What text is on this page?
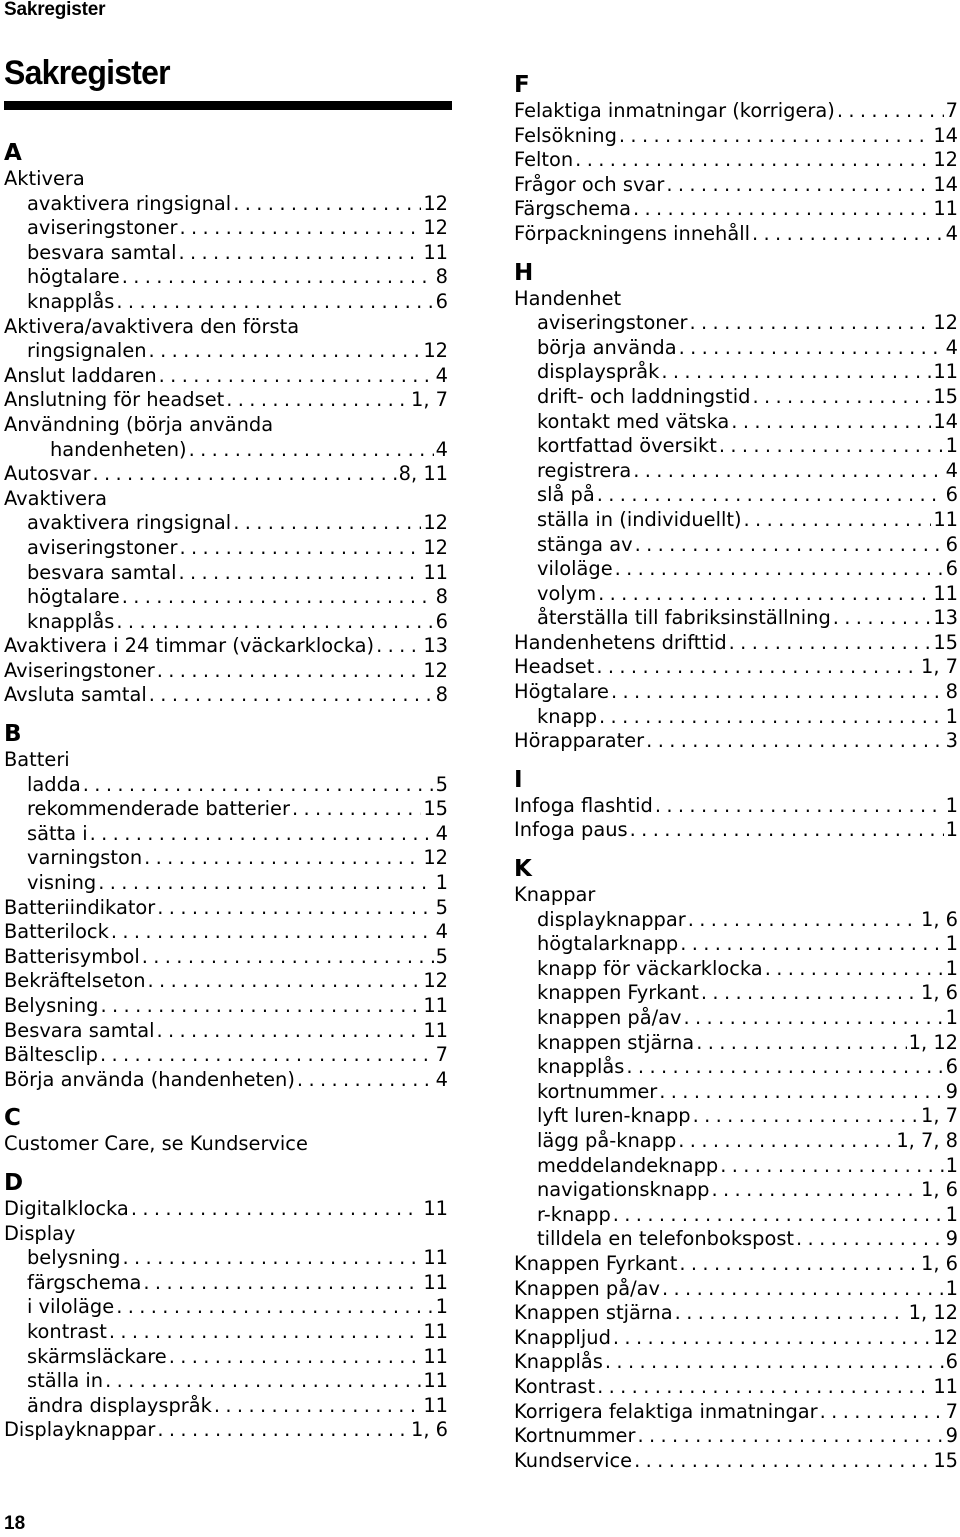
Sakregister
Sakregister
A
Aktivera
avaktivera ringsignal . . .	12
aviseringstoner . . .	12
besvara samtal . . .	11
högtalare . . .	8
knapplås . . .	6
Aktivera/avaktivera den första
ringsignalen . . .	12
Anslut laddaren . . .	4
Anslutning för headset . . .	1, 7
Användning (börja använda
handenheten) . . .	4
Autosvar . . .	8, 11
Avaktivera
avaktivera ringsignal . . .	12
aviseringstoner . . .	12
besvara samtal . . .	11
högtalare . . .	8
knapplås . . .	6
Avaktivera i 24 timmar (väckarklocka) . . .	13
Aviseringstoner . . .	12
Avsluta samtal . . .	8
B
Batteri
ladda . . .	5
rekommenderade batterier . . .	15
sätta i . . .	4
varningston . . .	12
visning . . .	1
Batteriindikator . . .	5
Batterilock . . .	4
Batterisymbol . . .	5
Bekräftelseton . . .	12
Belysning . . .	11
Besvara samtal . . .	11
Bältesclip . . .	7
Börja använda (handenheten) . . .	4
C
Customer Care, se Kundservice
D
Digitalklocka . . .	11
Display
belysning . . .	11
färgschema . . .	11
i viloläge . . .	1
kontrast . . .	11
skärmsläckare . . .	11
ställa in . . .	11
ändra displayspråk . . .	11
Displayknappar . . .	1, 6
F
Felaktiga inmatningar (korrigera) . . .	7
Felsökning . . .	14
Felton . . .	12
Frågor och svar . . .	14
Färgschema . . .	11
Förpackningens innehåll . . .	4
H
Handenhet
aviseringstoner . . .	12
börja använda . . .	4
displayspråk . . .	11
drift- och laddningstid . . .	15
kontakt med vätska . . .	14
kortfattad översikt . . .	1
registrera . . .	4
slå på . . .	6
ställa in (individuellt) . . .	11
stänga av . . .	6
viloläge . . .	6
volym . . .	11
återställa till fabriksinställning . . .	13
Handenhetens drifttid . . .	15
Headset . . .	1, 7
Högtalare . . .	8
knapp . . .	1
Hörapparater . . .	3
I
Infoga flashtid . . .	1
Infoga paus . . .	1
K
Knappar
displayknappar . . .	1, 6
högtalarknapp . . .	1
knapp för väckarklocka . . .	1
knappen Fyrkant . . .	1, 6
knappen på/av . . .	1
knappen stjärna . . .	1, 12
knapplås . . .	6
kortnummer . . .	9
lyft luren-knapp . . .	1, 7
lägg på-knapp . . .	1, 7, 8
meddelandeknapp . . .	1
navigationsknapp . . .	1, 6
r-knapp . . .	1
tilldela en telefonbokspost . . .	9
Knappen Fyrkant . . .	1, 6
Knappen på/av . . .	1
Knappen stjärna . . .	1, 12
Knappljud . . .	12
Knapplås . . .	6
Kontrast . . .	11
Korrigera felaktiga inmatningar . . .	7
Kortnummer . . .	9
Kundservice . . .	15
18
